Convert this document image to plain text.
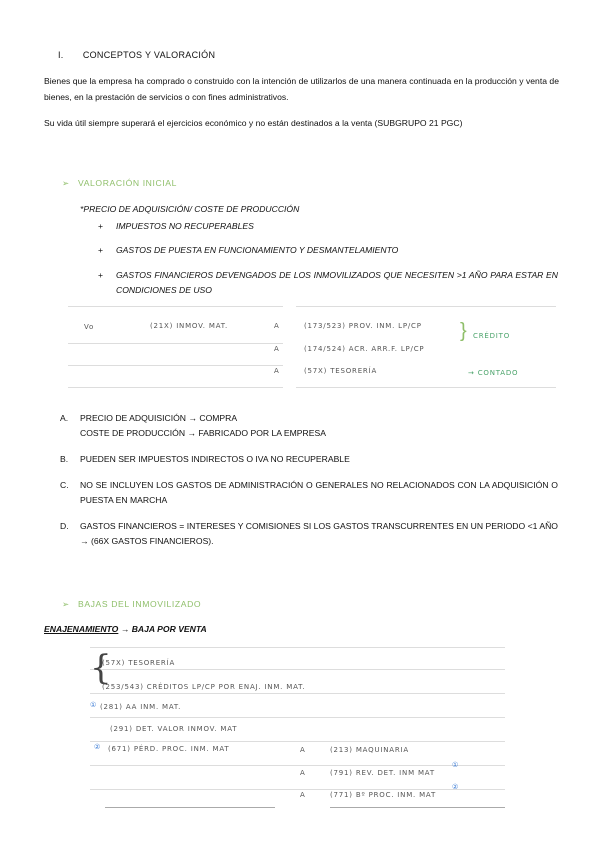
I. CONCEPTOS Y VALORACIÓN
Bienes que la empresa ha comprado o construido con la intención de utilizarlos de una manera continuada en la producción y venta de bienes, en la prestación de servicios o con fines administrativos.
Su vida útil siempre superará el ejercicios económico y no están destinados a la venta (SUBGRUPO 21 PGC)
➢ VALORACIÓN INICIAL
*PRECIO DE ADQUISICIÓN/ COSTE DE PRODUCCIÓN
+ IMPUESTOS NO RECUPERABLES
+ GASTOS DE PUESTA EN FUNCIONAMIENTO Y DESMANTELAMIENTO
+ GASTOS FINANCIEROS DEVENGADOS DE LOS INMOVILIZADOS QUE NECESITEN >1 AÑO PARA ESTAR EN CONDICIONES DE USO
Vo	(21X) INMOV. MAT.	A	(173/523) PROV. INM. LP/CP
A	(174/524) ACR. ARR.F. LP/CP
} CRÉDITO
A	(57X) TESORERÍA	→ CONTADO
A. PRECIO DE ADQUISICIÓN → COMPRA
COSTE DE PRODUCCIÓN → FABRICADO POR LA EMPRESA
B. PUEDEN SER IMPUESTOS INDIRECTOS O IVA NO RECUPERABLE
C. NO SE INCLUYEN LOS GASTOS DE ADMINISTRACIÓN O GENERALES NO RELACIONADOS CON LA ADQUISICIÓN O PUESTA EN MARCHA
D. GASTOS FINANCIEROS = INTERESES Y COMISIONES SI LOS GASTOS TRANSCURRENTES EN UN PERIODO <1 AÑO → (66X GASTOS FINANCIEROS).
➢ BAJAS DEL INMOVILIZADO
ENAJENAMIENTO → BAJA POR VENTA
{
(57X) TESORERÍA
(253/543) CRÉDITOS LP/CP POR ENAJ. INM. MAT.
① (281) AA INM. MAT.
(291) DET. VALOR INMOV. MAT
② (671) PÉRD. PROC. INM. MAT	A	(213) MAQUINARIA
A	(791) REV. DET. INM MAT
①
A	(771) Bº PROC. INM. MAT
②
